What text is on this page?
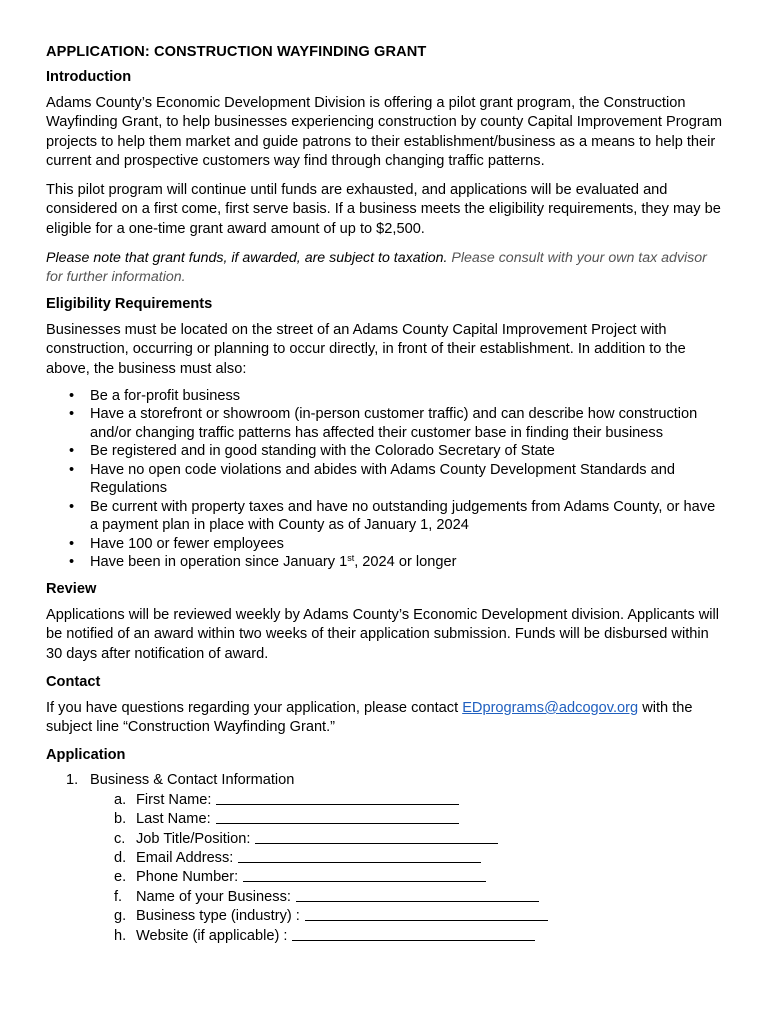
APPLICATION: CONSTRUCTION WAYFINDING GRANT
Introduction

Adams County’s Economic Development Division is offering a pilot grant program, the Construction Wayfinding Grant, to help businesses experiencing construction by county Capital Improvement Program projects to help them market and guide patrons to their establishment/business as a means to help their current and prospective customers way find through changing traffic patterns.

This pilot program will continue until funds are exhausted, and applications will be evaluated and considered on a first come, first serve basis. If a business meets the eligibility requirements, they may be eligible for a one-time grant award amount of up to $2,500.

Please note that grant funds, if awarded, are subject to taxation. Please consult with your own tax advisor for further information.

Eligibility Requirements

Businesses must be located on the street of an Adams County Capital Improvement Project with construction, occurring or planning to occur directly, in front of their establishment. In addition to the above, the business must also:

• Be a for-profit business
• Have a storefront or showroom (in-person customer traffic) and can describe how construction and/or changing traffic patterns has affected their customer base in finding their business
• Be registered and in good standing with the Colorado Secretary of State
• Have no open code violations and abides with Adams County Development Standards and Regulations
• Be current with property taxes and have no outstanding judgements from Adams County, or have a payment plan in place with County as of January 1, 2024
• Have 100 or fewer employees
• Have been in operation since January 1st, 2024 or longer
Review

Applications will be reviewed weekly by Adams County’s Economic Development division. Applicants will be notified of an award within two weeks of their application submission. Funds will be disbursed within 30 days after notification of award.

Contact

If you have questions regarding your application, please contact EDprograms@adcogov.org with the subject line “Construction Wayfinding Grant.”

Application
1. Business & Contact Information
a. First Name:
b. Last Name:
c. Job Title/Position:
d. Email Address:
e. Phone Number:
f. Name of your Business:
g. Business type (industry) :
h. Website (if applicable) :
